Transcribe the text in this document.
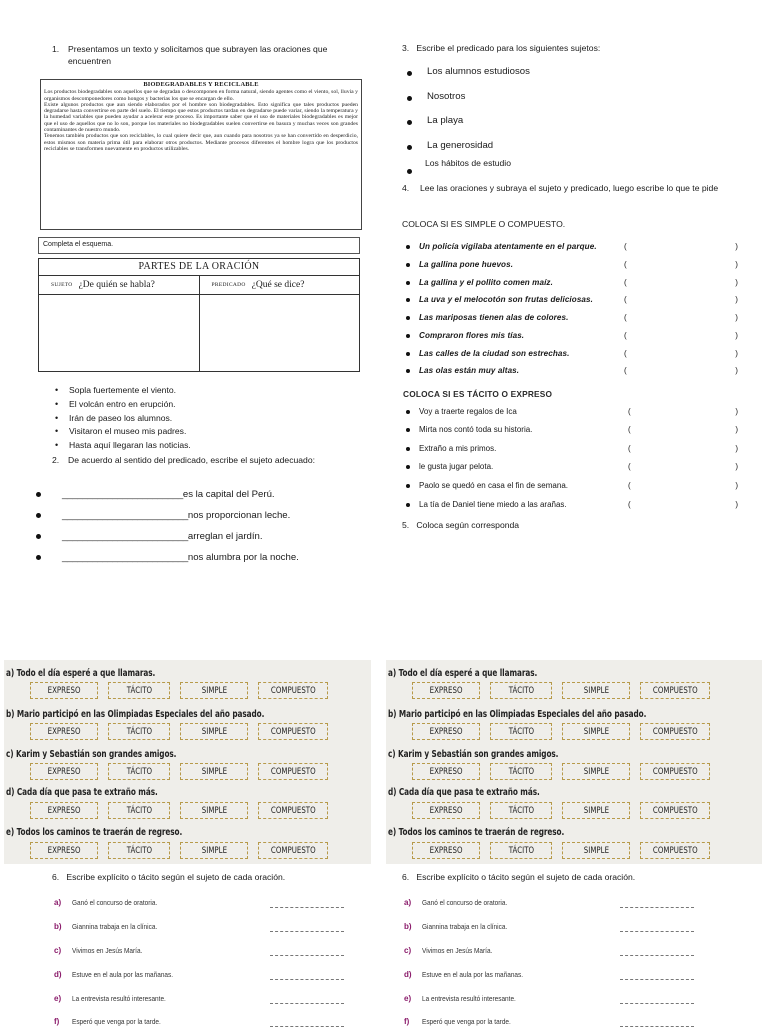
1.	Presentamos un texto y solicitamos que subrayen las oraciones que encuentren
BIODEGRADABLES Y RECICLABLE

Los productos biodegradables son aquellos que se degradan o descomponen en forma natural, siendo agentes como el viento, sol, lluvia y organismos descomponedores como hongos y bacterias los que se encargan de ello.

Existe algunos productos que aun siendo elaborados por el hombre son biodegradables. Esto significa que tales productos pueden degradarse hasta convertirse en parte del suelo. El tiempo que estos productos tardan en degradarse puede variar, siendo la temperatura y la humedad variables que pueden ayudar a acelerar este proceso. Es importante saber que el uso de materiales biodegradables es mejor que el uso de aquellos que no lo son, porque los materiales no biodegradables suelen convertirse en basura y muchas veces son grandes contaminantes de nuestro mundo.

Tenemos también productos que son reciclables, lo cual quiere decir que, aun cuando para nosotros ya se han convertido en desperdicio, estos mismos son materia prima útil para elaborar otros productos. Mediante procesos diferentes el hombre logra que los productos reciclables se transformen nuevamente en productos utilizables.

Completa el esquema.
PARTES DE LA ORACIÓN
SUJETO ¿De quién se habla?	PREDICADO ¿Qué se dice?
• Sopla fuertemente el viento.
• El volcán entro en erupción.
• Irán de paseo los alumnos.
• Visitaron el museo mis padres.
• Hasta aquí llegaran las noticias.
2. De acuerdo al sentido del predicado, escribe el sujeto adecuado:
________________________es la capital del Perú.
_________________________nos proporcionan leche.
_________________________arreglan el jardín.
_________________________nos alumbra por la noche.
3. Escribe el predicado para los siguientes sujetos:
Los alumnos estudiosos
Nosotros
La playa
La generosidad
Los hábitos de estudio
4.	Lee las oraciones y subraya el sujeto y predicado, luego escribe lo que te pide
COLOCA SI ES SIMPLE O COMPUESTO.
Un policía vigilaba atentamente en el parque.	(	)
La gallina pone huevos.	(	)
La gallina y el pollito comen maíz.	(	)
La uva y el melocotón son frutas deliciosas.	(	)
Las mariposas tienen alas de colores.	(	)
Compraron flores mis tías.	(	)
Las calles de la ciudad son estrechas.	(	)
Las olas están muy altas.	(	)
COLOCA SI ES TÁCITO O EXPRESO
Voy a traerte regalos de Ica	(	)
Mirta nos contó toda su historia.	(	)
Extraño a mis primos.	(	)
le gusta jugar pelota.	(	)
Paolo se quedó en casa el fin de semana.	(	)
La tía de Daniel tiene miedo a las arañas.	(	)
5. Coloca según corresponda
a) Todo el día esperé a que llamaras.
EXPRESO	TÁCITO	SIMPLE	COMPUESTO
b) Mario participó en las Olimpiadas Especiales del año pasado.
EXPRESO	TÁCITO	SIMPLE	COMPUESTO
c) Karim y Sebastián son grandes amigos.
EXPRESO	TÁCITO	SIMPLE	COMPUESTO
d) Cada día que pasa te extraño más.
EXPRESO	TÁCITO	SIMPLE	COMPUESTO
e) Todos los caminos te traerán de regreso.
EXPRESO	TÁCITO	SIMPLE	COMPUESTO
a) Todo el día esperé a que llamaras.
EXPRESO	TÁCITO	SIMPLE	COMPUESTO
b) Mario participó en las Olimpiadas Especiales del año pasado.
EXPRESO	TÁCITO	SIMPLE	COMPUESTO
c) Karim y Sebastián son grandes amigos.
EXPRESO	TÁCITO	SIMPLE	COMPUESTO
d) Cada día que pasa te extraño más.
EXPRESO	TÁCITO	SIMPLE	COMPUESTO
e) Todos los caminos te traerán de regreso.
EXPRESO	TÁCITO	SIMPLE	COMPUESTO
6. Escribe explícito o tácito según el sujeto de cada oración.	6. Escribe explícito o tácito según el sujeto de cada oración.
a) Ganó el concurso de oratoria.
b) Giannina trabaja en la clínica.
c) Vivimos en Jesús María.
d) Estuve en el aula por las mañanas.
e) La entrevista resultó interesante.
f) Esperó que venga por la tarde.
a) Ganó el concurso de oratoria.
b) Giannina trabaja en la clínica.
c) Vivimos en Jesús María.
d) Estuve en el aula por las mañanas.
e) La entrevista resultó interesante.
f) Esperó que venga por la tarde.
